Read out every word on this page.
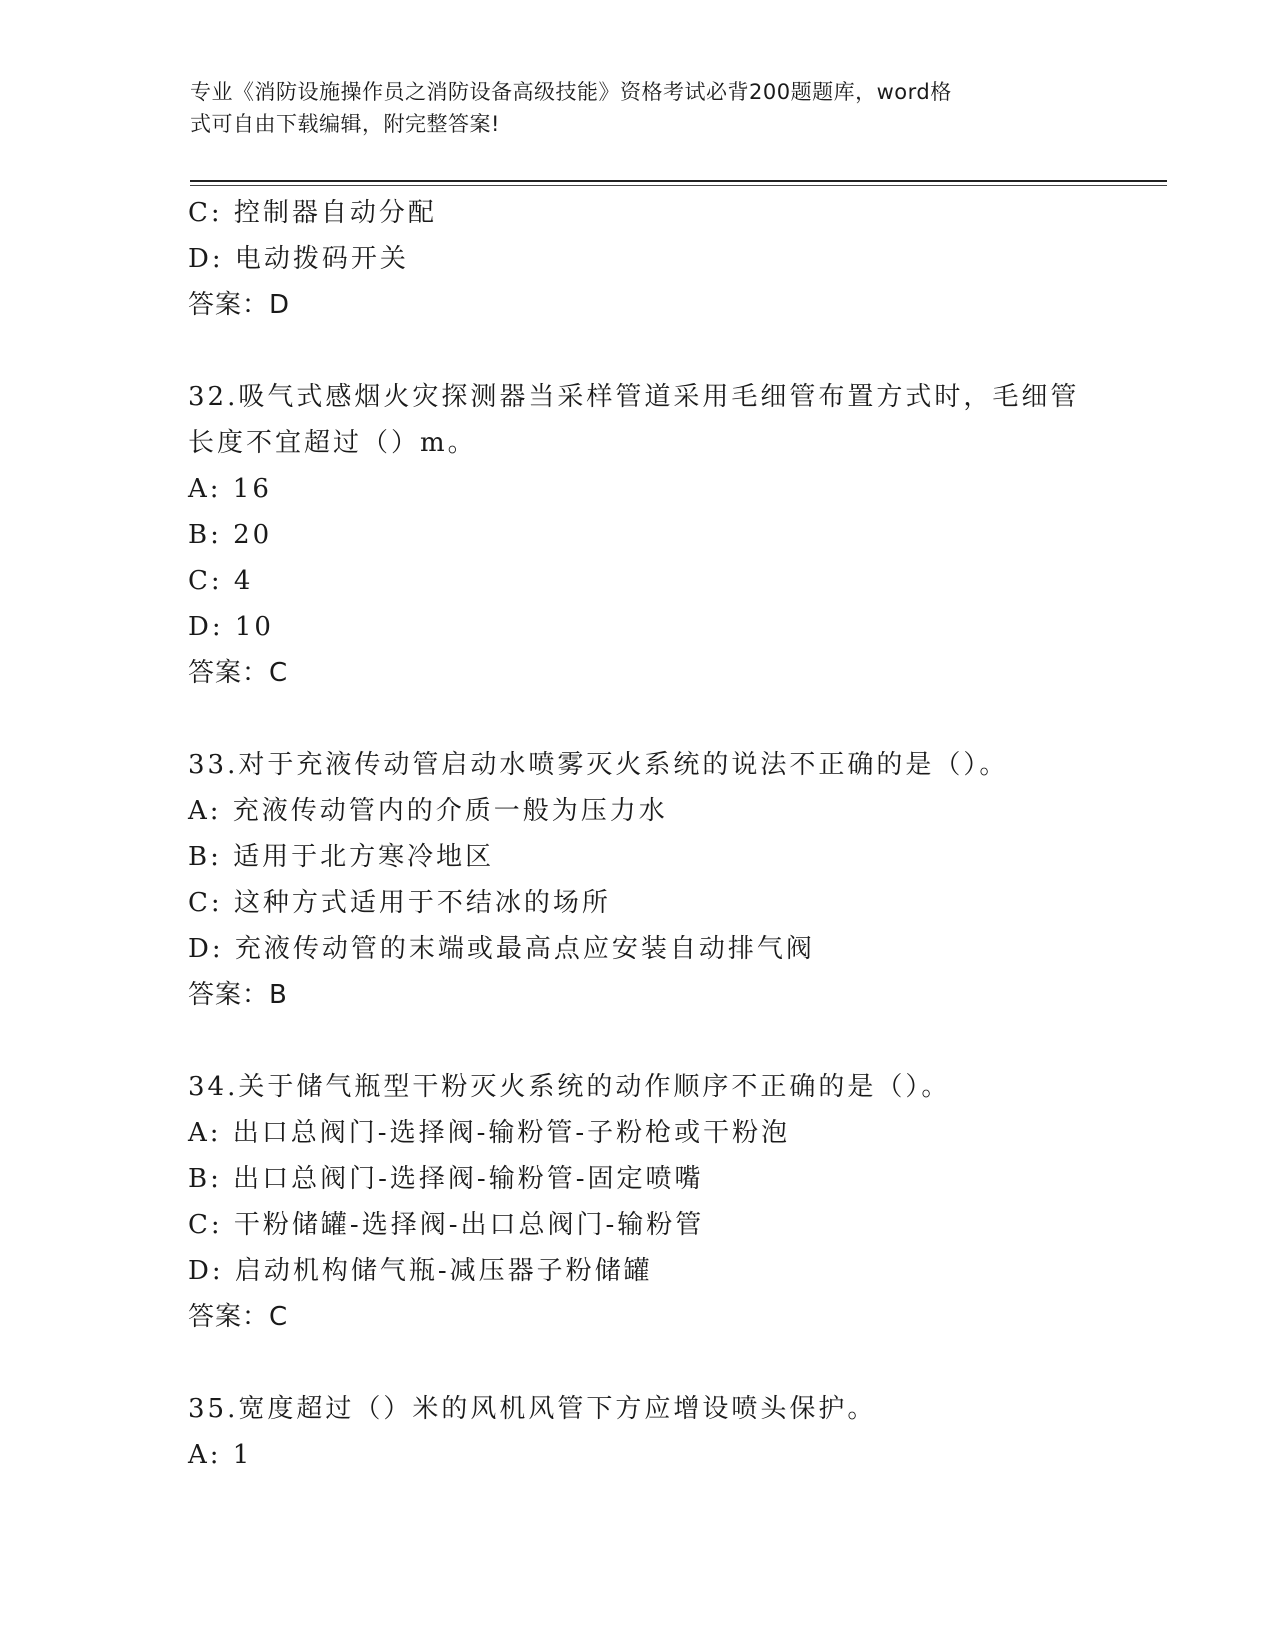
专业《消防设施操作员之消防设备高级技能》资格考试必背200题题库，word格
式可自由下载编辑，附完整答案!
C: 控制器自动分配
D: 电动拨码开关
答案：D
32.吸气式感烟火灾探测器当采样管道采用毛细管布置方式时，毛细管
长度不宜超过（）m。
A: 16
B: 20
C: 4
D: 10
答案：C
33.对于充液传动管启动水喷雾灭火系统的说法不正确的是（）。
A: 充液传动管内的介质一般为压力水
B: 适用于北方寒冷地区
C: 这种方式适用于不结冰的场所
D: 充液传动管的末端或最高点应安装自动排气阀
答案：B
34.关于储气瓶型干粉灭火系统的动作顺序不正确的是（）。
A: 出口总阀门-选择阀-输粉管-子粉枪或干粉泡
B: 出口总阀门-选择阀-输粉管-固定喷嘴
C: 干粉储罐-选择阀-出口总阀门-输粉管
D: 启动机构储气瓶-减压器子粉储罐
答案：C
35.宽度超过（）米的风机风管下方应增设喷头保护。
A: 1
